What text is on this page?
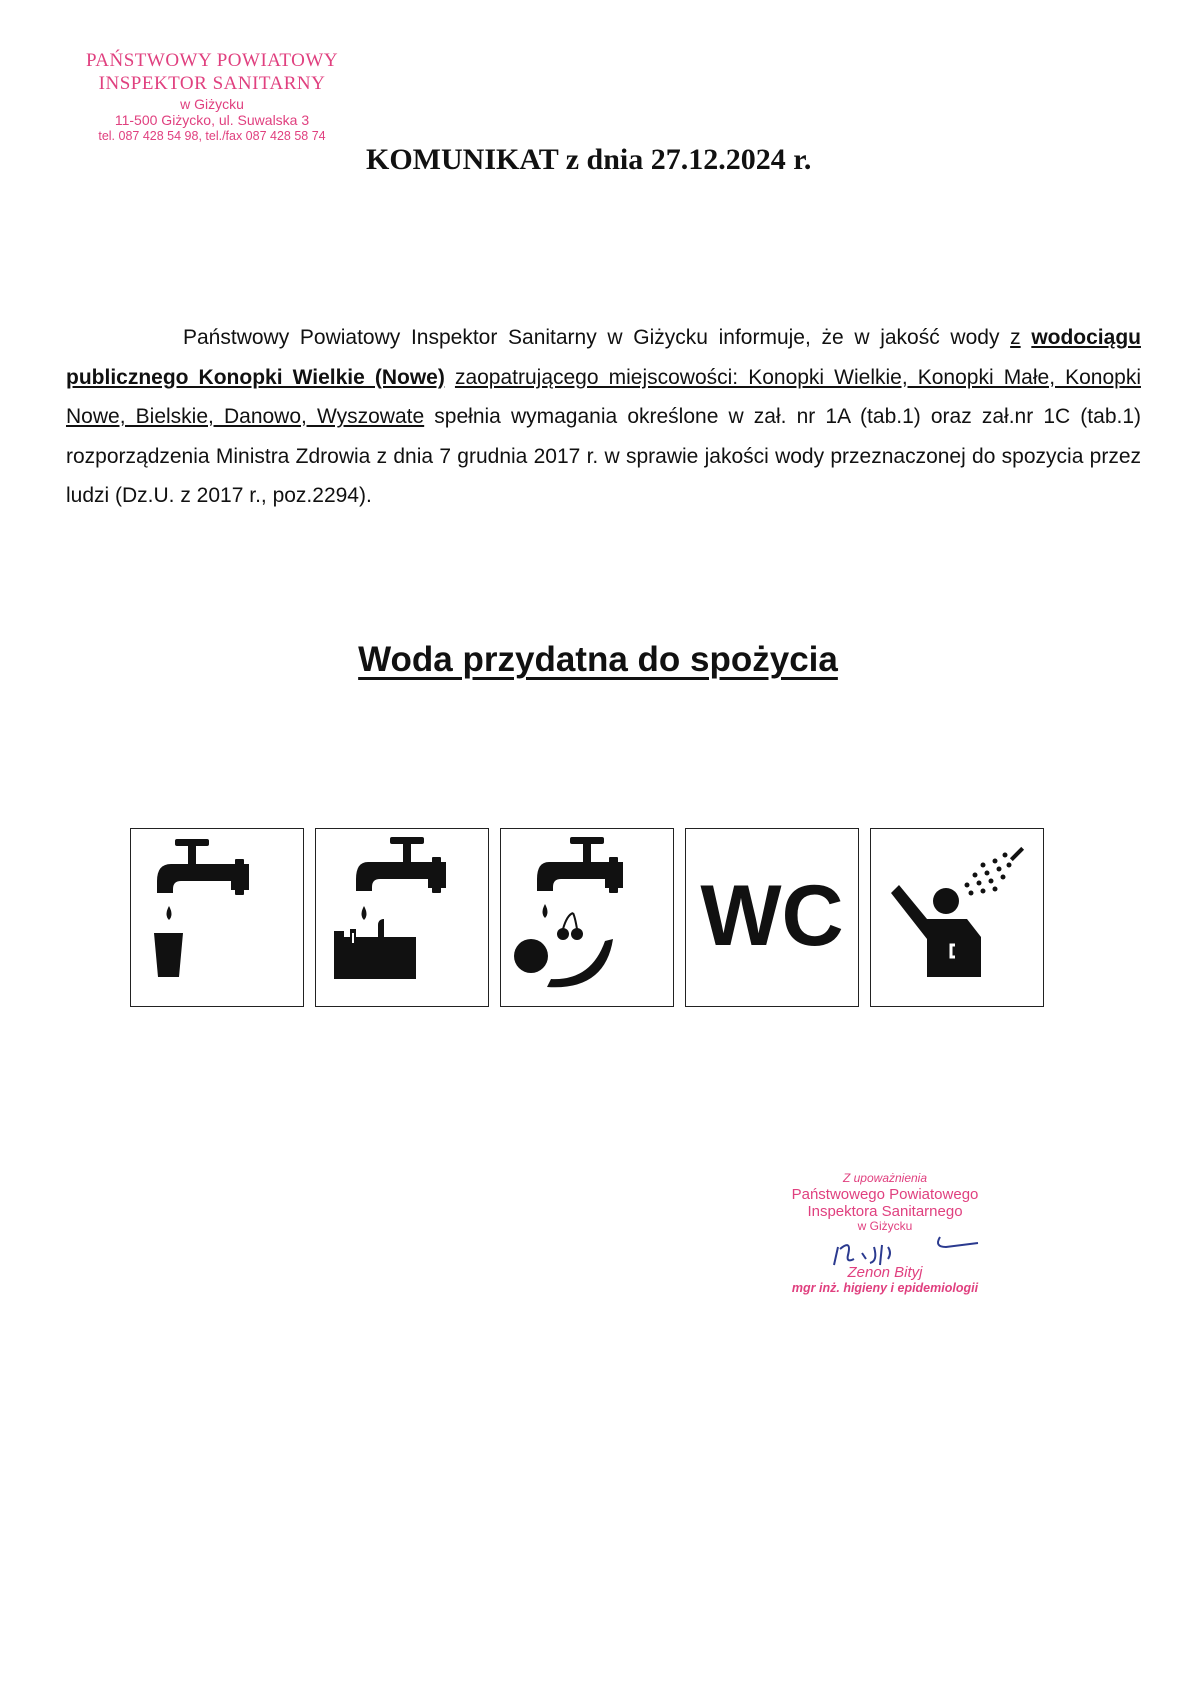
PAŃSTWOWY POWIATOWY
INSPEKTOR SANITARNY
w Giżycku
11-500 Giżycko, ul. Suwalska 3
tel. 087 428 54 98, tel./fax 087 428 58 74
KOMUNIKAT z dnia 27.12.2024 r.

Państwowy Powiatowy Inspektor Sanitarny w Giżycku informuje, że w jakość wody z wodociągu publicznego Konopki Wielkie (Nowe) zaopatrującego miejscowości: Konopki Wielkie, Konopki Małe, Konopki Nowe, Bielskie, Danowo, Wyszowate spełnia wymagania określone w zał. nr 1A (tab.1) oraz zał.nr 1C (tab.1) rozporządzenia Ministra Zdrowia z dnia 7 grudnia 2017 r. w sprawie jakości wody przeznaczonej do spozycia przez ludzi (Dz.U. z 2017 r., poz.2294).

Woda przydatna do spożycia
WC
Z upoważnienia
Państwowego Powiatowego
Inspektora Sanitarnego
w Giżycku
Zenon Bityj
mgr inż. higieny i epidemiologii
